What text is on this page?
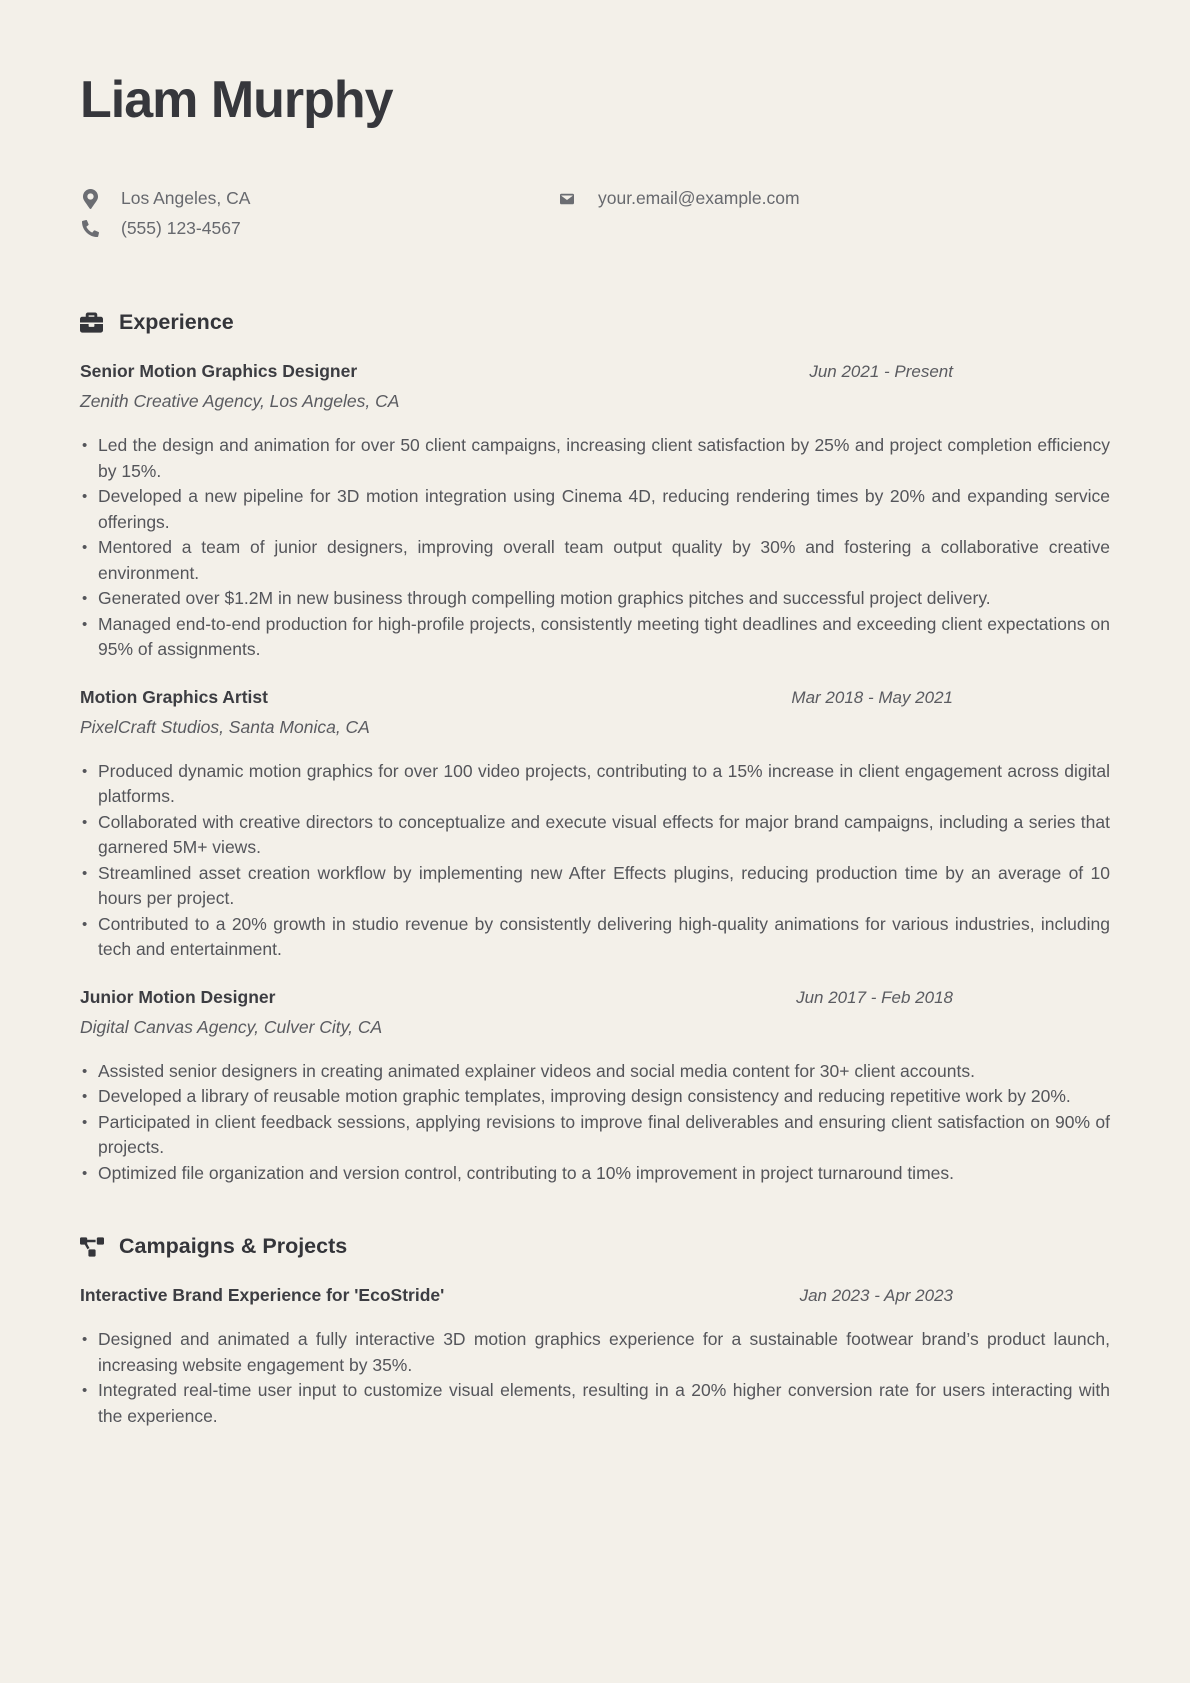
Liam Murphy
Los Angeles, CA
(555) 123-4567
your.email@example.com
Experience
Senior Motion Graphics Designer	Jun 2021 - Present
Zenith Creative Agency, Los Angeles, CA
• Led the design and animation for over 50 client campaigns, increasing client satisfaction by 25% and project completion efficiency by 15%.
• Developed a new pipeline for 3D motion integration using Cinema 4D, reducing rendering times by 20% and expanding service offerings.
• Mentored a team of junior designers, improving overall team output quality by 30% and fostering a collaborative creative environment.
• Generated over $1.2M in new business through compelling motion graphics pitches and successful project delivery.
• Managed end-to-end production for high-profile projects, consistently meeting tight deadlines and exceeding client expectations on 95% of assignments.
Motion Graphics Artist	Mar 2018 - May 2021
PixelCraft Studios, Santa Monica, CA
• Produced dynamic motion graphics for over 100 video projects, contributing to a 15% increase in client engagement across digital platforms.
• Collaborated with creative directors to conceptualize and execute visual effects for major brand campaigns, including a series that garnered 5M+ views.
• Streamlined asset creation workflow by implementing new After Effects plugins, reducing production time by an average of 10 hours per project.
• Contributed to a 20% growth in studio revenue by consistently delivering high-quality animations for various industries, including tech and entertainment.
Junior Motion Designer	Jun 2017 - Feb 2018
Digital Canvas Agency, Culver City, CA
• Assisted senior designers in creating animated explainer videos and social media content for 30+ client accounts.
• Developed a library of reusable motion graphic templates, improving design consistency and reducing repetitive work by 20%.
• Participated in client feedback sessions, applying revisions to improve final deliverables and ensuring client satisfaction on 90% of projects.
• Optimized file organization and version control, contributing to a 10% improvement in project turnaround times.
Campaigns & Projects
Interactive Brand Experience for 'EcoStride'	Jan 2023 - Apr 2023
• Designed and animated a fully interactive 3D motion graphics experience for a sustainable footwear brand’s product launch, increasing website engagement by 35%.
• Integrated real-time user input to customize visual elements, resulting in a 20% higher conversion rate for users interacting with the experience.
